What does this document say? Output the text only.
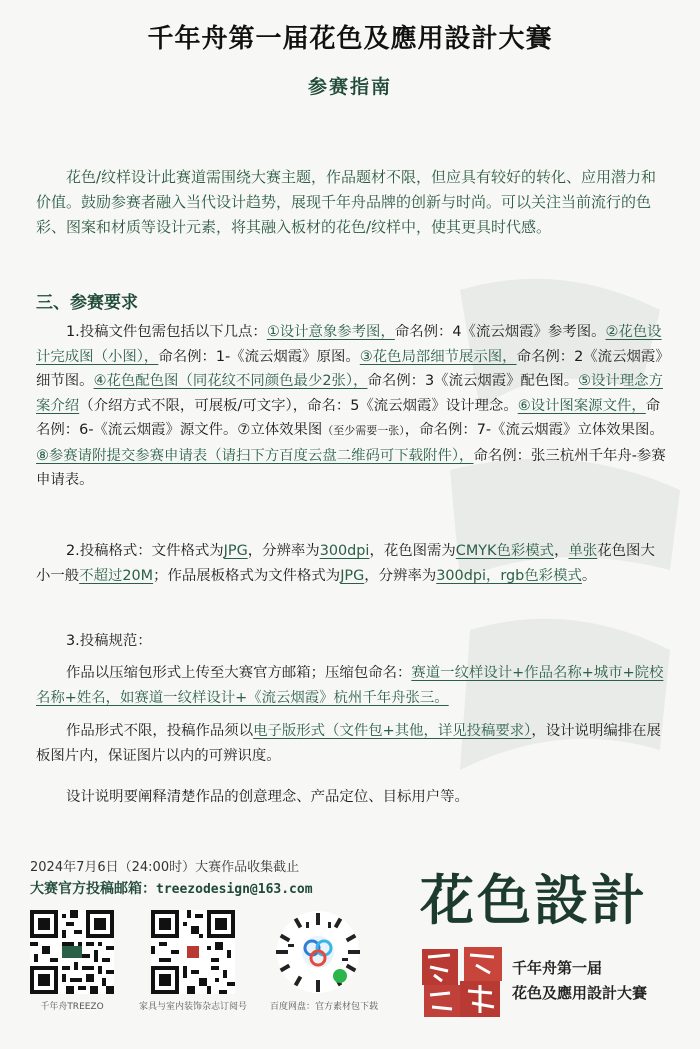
千年舟第一届花色及應用設計大賽
参赛指南
花色/纹样设计此赛道需围绕大赛主题，作品题材不限，但应具有较好的转化、应用潜力和价值。鼓励参赛者融入当代设计趋势，展现千年舟品牌的创新与时尚。可以关注当前流行的色彩、图案和材质等设计元素，将其融入板材的花色/纹样中，使其更具时代感。
三、参赛要求
1.投稿文件包需包括以下几点：①设计意象参考图，命名例：4《流云烟霞》参考图。②花色设计完成图（小图），命名例：1-《流云烟霞》原图。③花色局部细节展示图，命名例：2《流云烟霞》细节图。④花色配色图（同花纹不同颜色最少2张），命名例：3《流云烟霞》配色图。⑤设计理念方案介绍（介绍方式不限，可展板/可文字），命名：5《流云烟霞》设计理念。⑥设计图案源文件，命名例：6-《流云烟霞》源文件。⑦立体效果图（至少需要一张），命名例：7-《流云烟霞》立体效果图。⑧参赛请附提交参赛申请表（请扫下方百度云盘二维码可下载附件），命名例：张三杭州千年舟-参赛申请表。
2.投稿格式：文件格式为JPG，分辨率为300dpi，花色图需为CMYK色彩模式，单张花色图大小一般不超过20M；作品展板格式为文件格式为JPG，分辨率为300dpi，rgb色彩模式。
3.投稿规范：
作品以压缩包形式上传至大赛官方邮箱；压缩包命名：赛道一纹样设计+作品名称+城市+院校名称+姓名，如赛道一纹样设计+《流云烟霞》杭州千年舟张三。
作品形式不限，投稿作品须以电子版形式（文件包+其他，详见投稿要求），设计说明编排在展板图片内，保证图片以内的可辨识度。
设计说明要阐释清楚作品的创意理念、产品定位、目标用户等。
2024年7月6日（24:00时）大赛作品收集截止
大赛官方投稿邮箱：treezodesign@163.com
千年舟TREEZO	家具与室内装饰杂志订阅号	百度网盘：官方素材包下载
花色設計
千年舟第一届
花色及應用設計大賽
